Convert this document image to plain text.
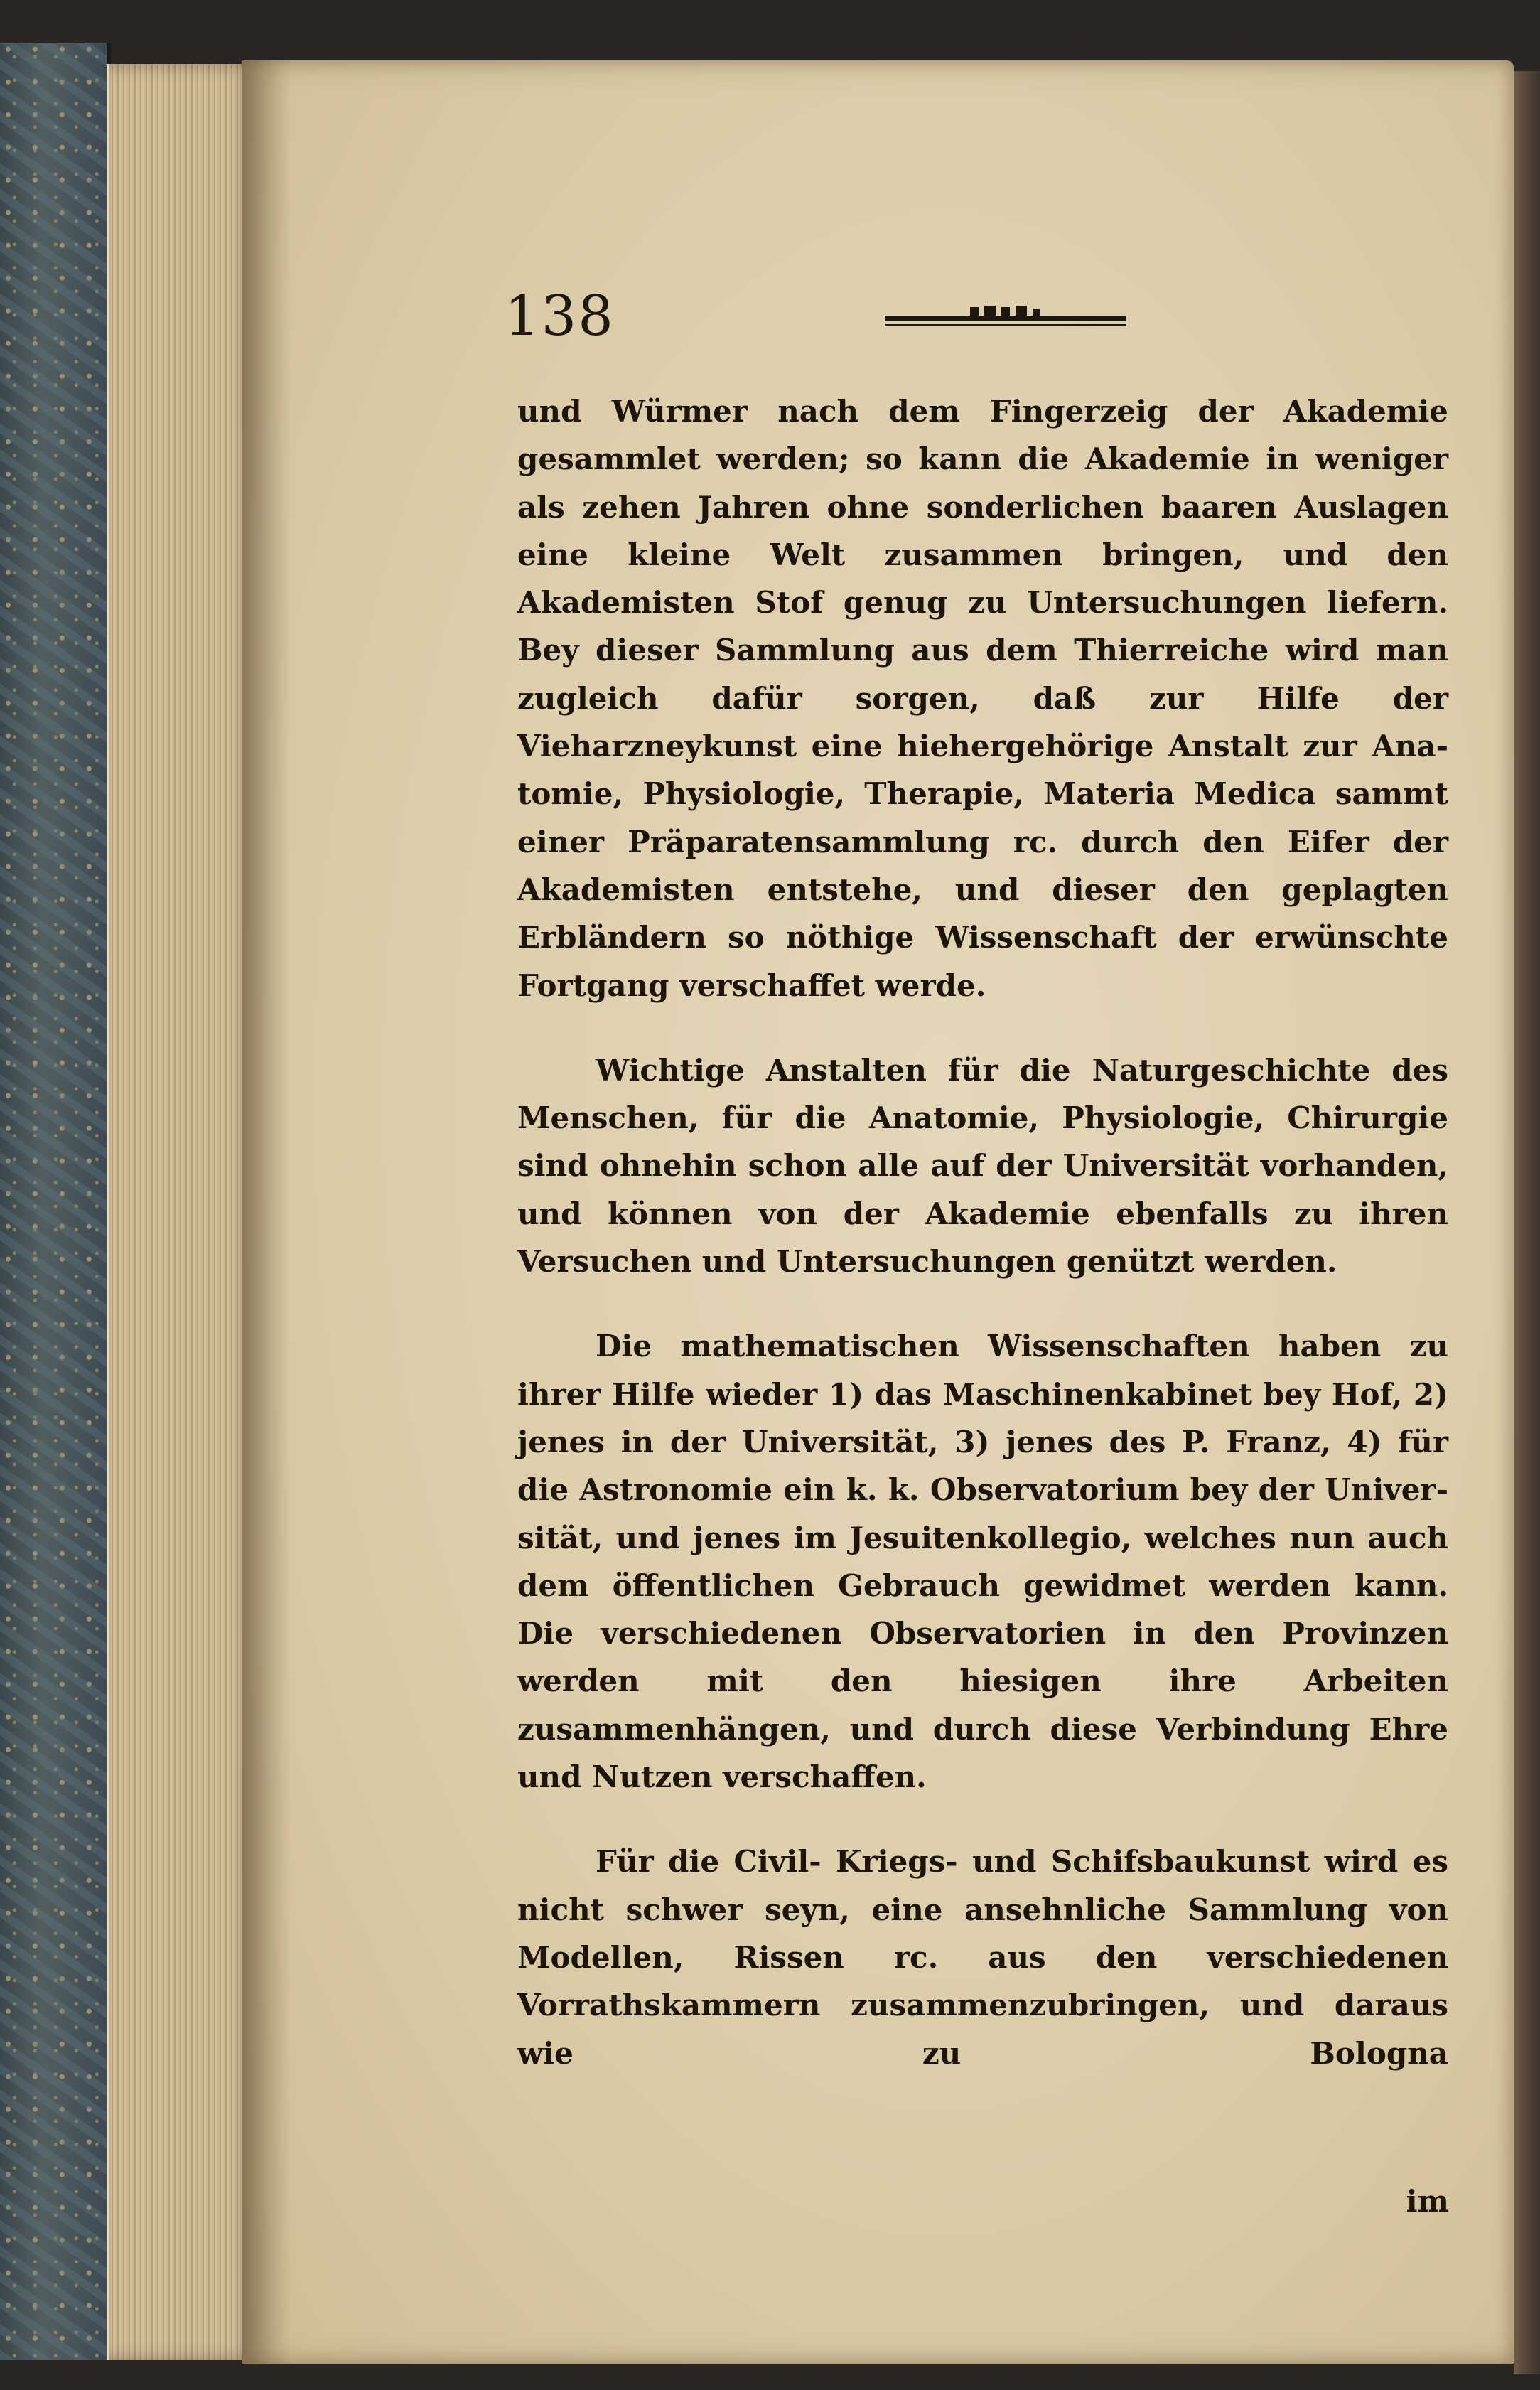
138

und Würmer nach dem Fingerzeig der Akademie gesammlet werden; so kann die Akademie in weniger als zehen Jahren ohne sonderlichen baaren Auslagen eine kleine Welt zusammen bringen, und den Akademisten Stof genug zu Untersuchungen liefern. Bey dieser Sammlung aus dem Thierreiche wird man zugleich dafür sorgen, daß zur Hilfe der Vieharzneykunst eine hiehergehörige Anstalt zur Anatomie, Physiologie, Therapie, Materia Medica sammt einer Präparatensammlung rc. durch den Eifer der Akademisten entstehe, und dieser den geplagten Erbländern so nöthige Wissenschaft der erwünschte Fortgang verschaffet werde.

Wichtige Anstalten für die Naturgeschichte des Menschen, für die Anatomie, Physiologie, Chirurgie sind ohnehin schon alle auf der Universität vorhanden, und können von der Akademie ebenfalls zu ihren Versuchen und Untersuchungen genützt werden.

Die mathematischen Wissenschaften haben zu ihrer Hilfe wieder 1) das Maschinenkabinet bey Hof, 2) jenes in der Universität, 3) jenes des P. Franz, 4) für die Astronomie ein k. k. Observatorium bey der Universität, und jenes im Jesuitenkollegio, welches nun auch dem öffentlichen Gebrauch gewidmet werden kann. Die verschiedenen Observatorien in den Provinzen werden mit den hiesigen ihre Arbeiten zusammenhängen, und durch diese Verbindung Ehre und Nutzen verschaffen.

Für die Civil- Kriegs- und Schifsbaukunst wird es nicht schwer seyn, eine ansehnliche Sammlung von Modellen, Rissen rc. aus den verschiedenen Vorrathskammern zusammenzubringen, und daraus wie zu Bologna

im
